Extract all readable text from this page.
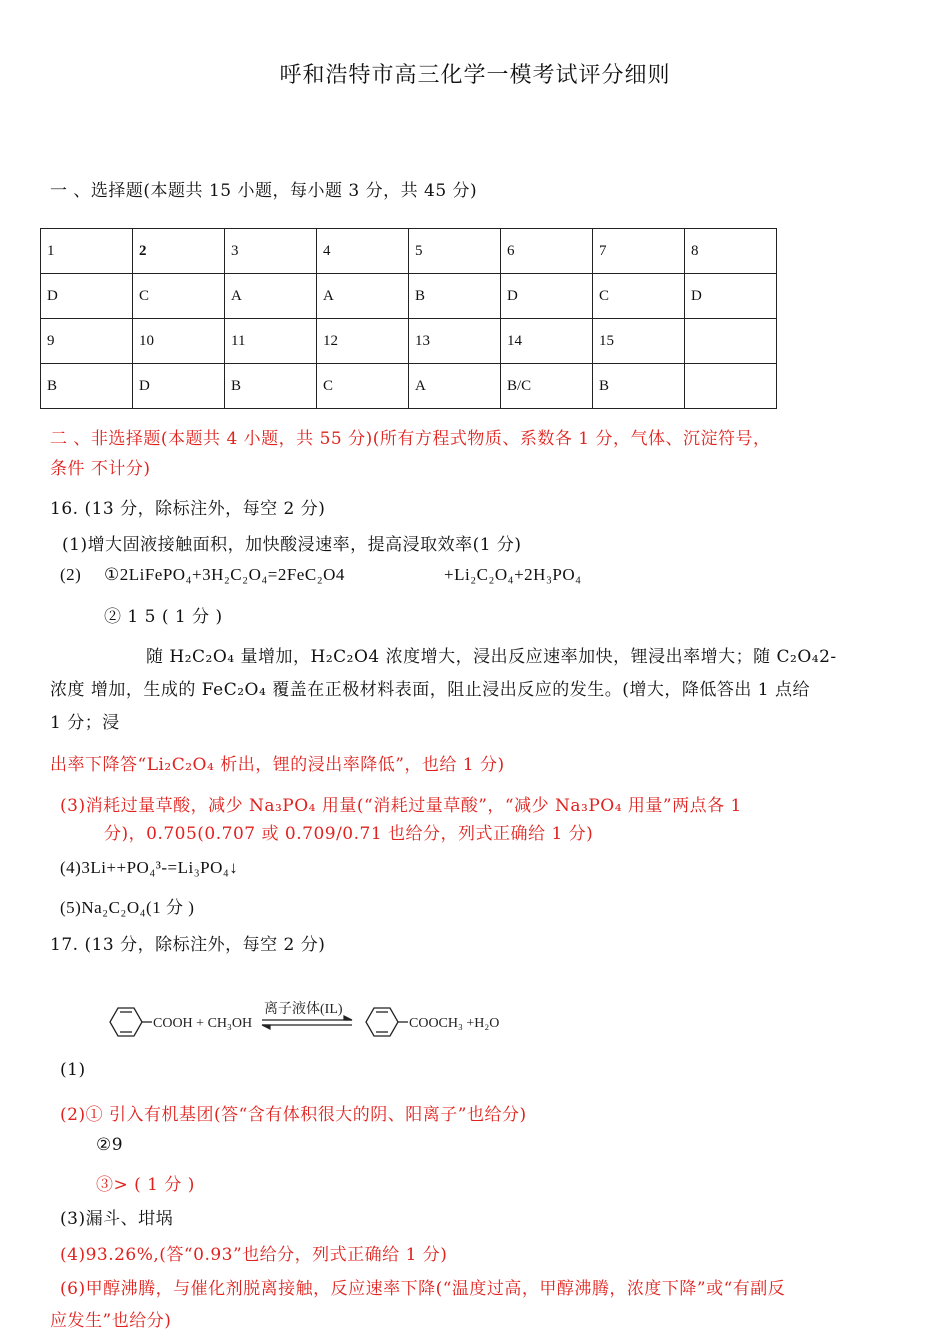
呼和浩特市高三化学一模考试评分细则
一 、选择题(本题共 15 小题，每小题 3 分，共 45 分)
1	2	3	4	5	6	7	8
D	C	A	A	B	D	C	D
9	10	11	12	13	14	15	
B	D	B	C	A	B/C	B	
二 、非选择题(本题共 4 小题，共 55 分)(所有方程式物质、系数各 1 分，气体、沉淀符号，
条件 不计分)
16. (13 分，除标注外，每空 2 分)
(1)增大固液接触面积，加快酸浸速率，提高浸取效率(1 分)
(2) ①2LiFePO₄+3H₂C₂O₄=2FeC₂O4	+Li₂C₂O₄+2H₃PO₄
② 1 5 ( 1 分 )
随 H₂C₂O₄ 量增加，H₂C₂O4 浓度增大，浸出反应速率加快，锂浸出率增大；随 C₂O₄2-
浓度 增加，生成的 FeC₂O₄ 覆盖在正极材料表面，阻止浸出反应的发生。(增大，降低答出 1 点给
1 分；浸
出率下降答“Li₂C₂O₄ 析出，锂的浸出率降低”，也给 1 分)
(3)消耗过量草酸，减少 Na₃PO₄ 用量(“消耗过量草酸”，“减少 Na₃PO₄ 用量”两点各 1
分)，0.705(0.707 或 0.709/0.71 也给分，列式正确给 1 分)
(4)3Li++PO₄³-=Li₃PO₄↓
(5)Na₂C₂O₄(1 分 )
17. (13 分，除标注外，每空 2 分)
COOH + CH₃OH
离子液体(IL)
COOCH₃ +H₂O
(1)
(2)① 引入有机基团(答“含有体积很大的阴、阳离子”也给分)
②9
③> ( 1 分 )
(3)漏斗、坩埚
(4)93.26%,(答“0.93”也给分，列式正确给 1 分)
(6)甲醇沸腾，与催化剂脱离接触，反应速率下降(“温度过高，甲醇沸腾，浓度下降”或“有副反
应发生”也给分)
